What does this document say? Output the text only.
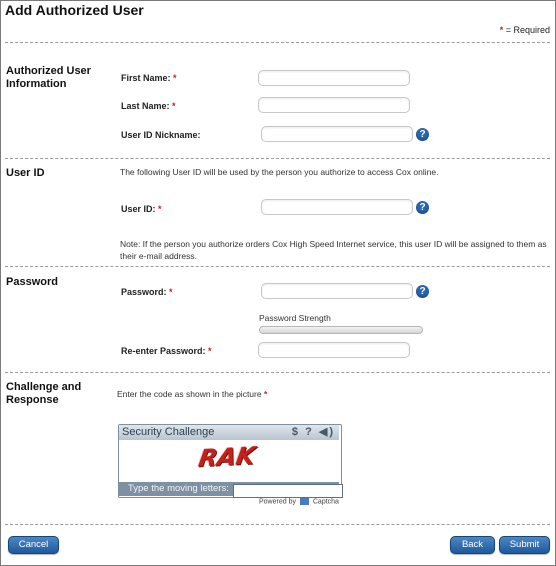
Add Authorized User
* = Required
Authorized User Information	First Name: *
Last Name: *
User ID Nickname:	?
User ID	The following User ID will be used by the person you authorize to access Cox online.
User ID: *	?
Note: If the person you authorize orders Cox High Speed Internet service, this user ID will be assigned to them as their e-mail address.
Password
Password: *	?
Password Strength
Re-enter Password: *
Challenge and Response	Enter the code as shown in the picture *
Security Challenge	$ ? ◀)
RAK
Type the moving letters:
Powered by Captcha
Cancel	Back	Submit
